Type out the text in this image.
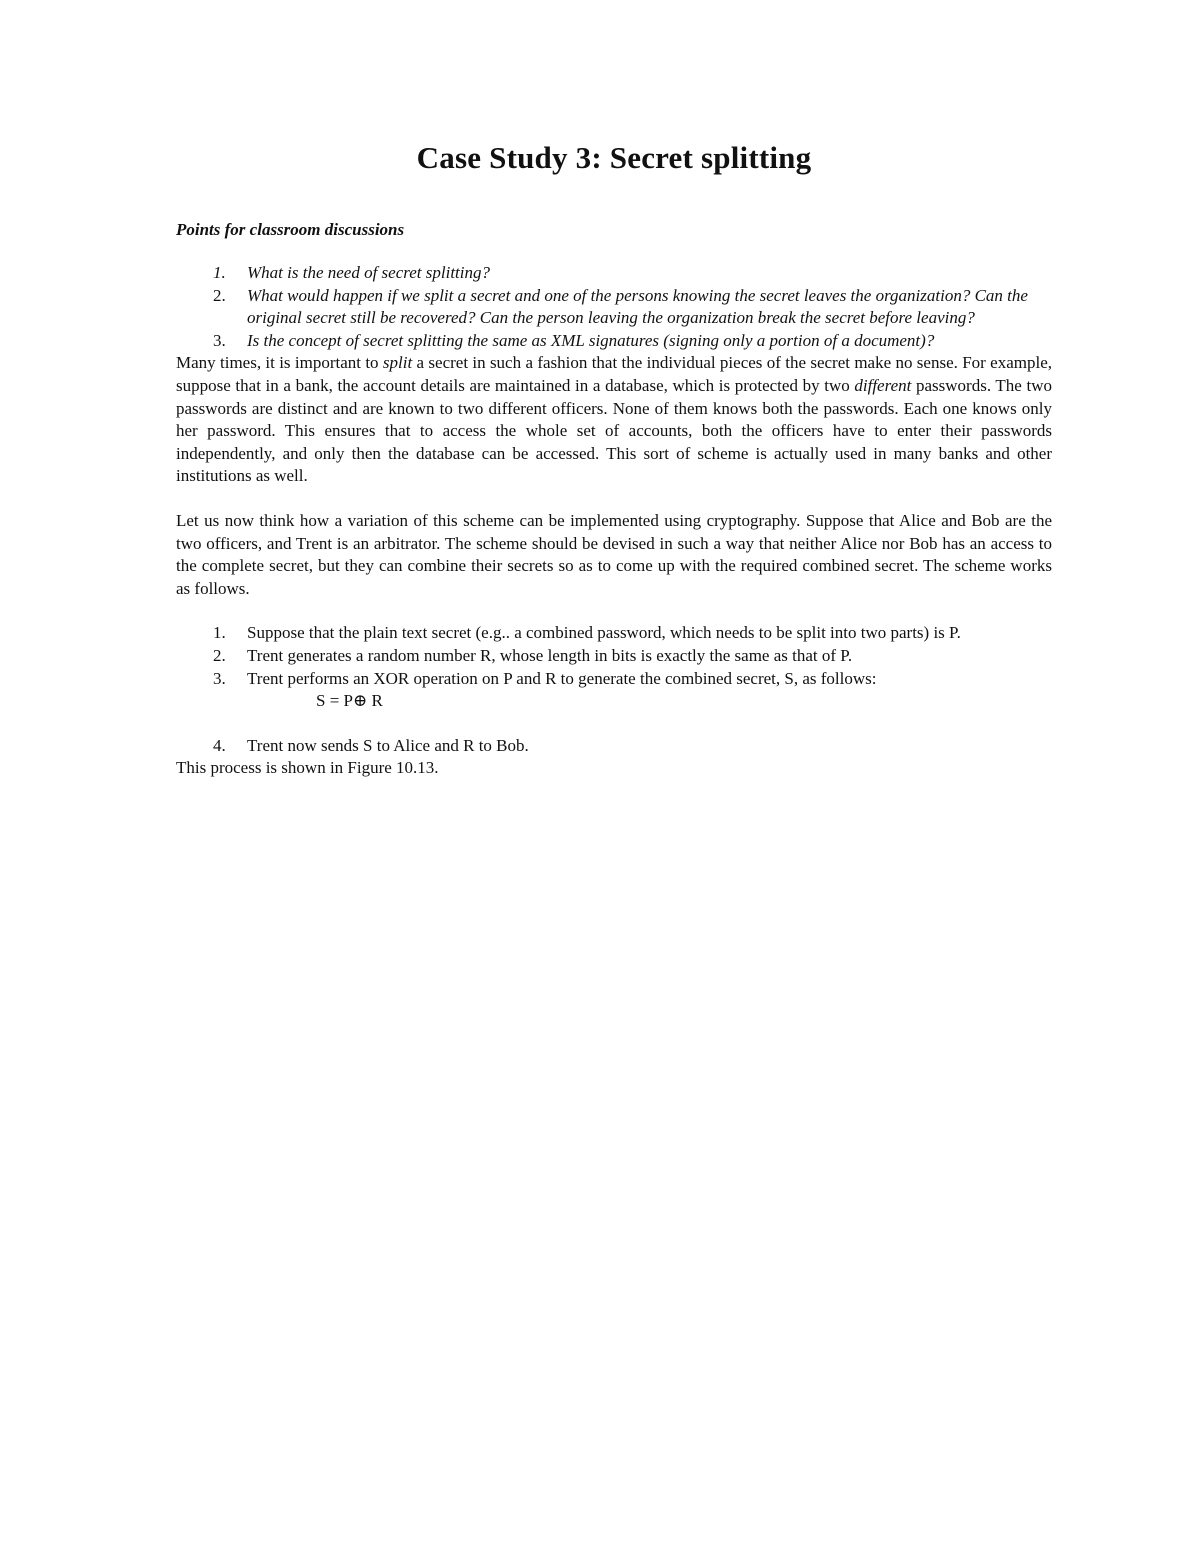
Case Study 3: Secret splitting
Points for classroom discussions
1.	What is the need of secret splitting?
2.	What would happen if we split a secret and one of the persons knowing the secret leaves the organization? Can the original secret still be recovered? Can the person leaving the organization break the secret before leaving?
3.	Is the concept of secret splitting the same as XML signatures (signing only a portion of a document)?

Many times, it is important to split a secret in such a fashion that the individual pieces of the secret make no sense. For example, suppose that in a bank, the account details are maintained in a database, which is protected by two different passwords. The two passwords are distinct and are known to two different officers. None of them knows both the passwords. Each one knows only her password. This ensures that to access the whole set of accounts, both the officers have to enter their passwords independently, and only then the database can be accessed. This sort of scheme is actually used in many banks and other institutions as well.

Let us now think how a variation of this scheme can be implemented using cryptography. Suppose that Alice and Bob are the two officers, and Trent is an arbitrator. The scheme should be devised in such a way that neither Alice nor Bob has an access to the complete secret, but they can combine their secrets so as to come up with the required combined secret. The scheme works as follows.

1.	Suppose that the plain text secret (e.g.. a combined password, which needs to be split into two parts) is P.
2.	Trent generates a random number R, whose length in bits is exactly the same as that of P.
3.	Trent performs an XOR operation on P and R to generate the combined secret, S, as follows:
S = P⊕ R
4.	Trent now sends S to Alice and R to Bob.

This process is shown in Figure 10.13.
